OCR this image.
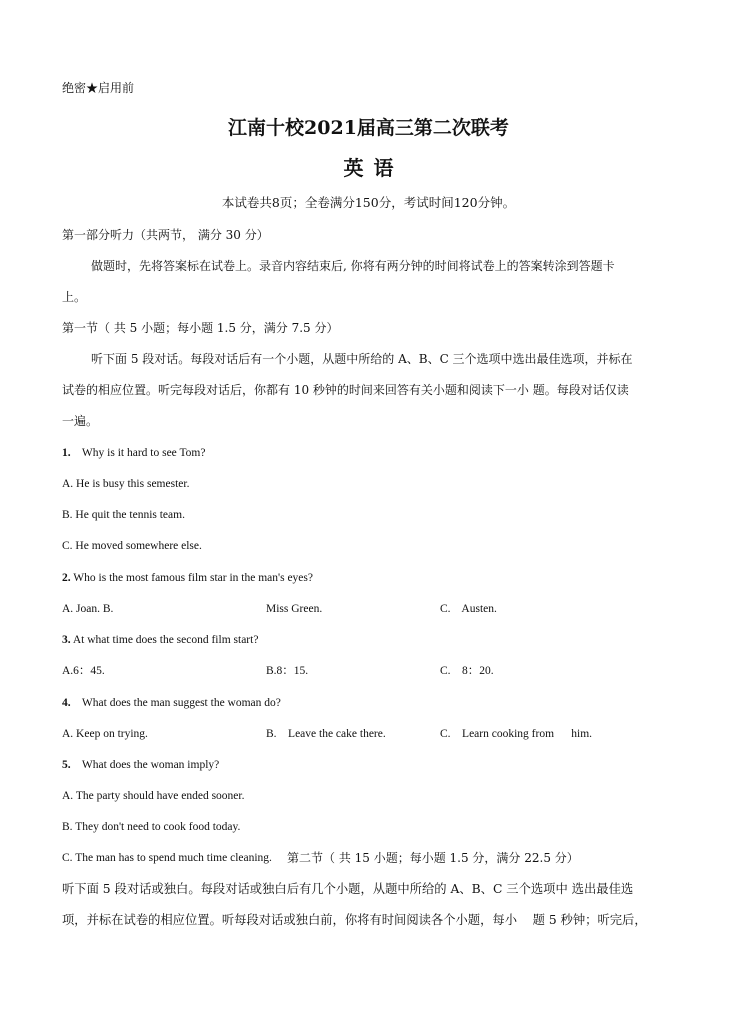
绝密★启用前
江南十校2021届高三第二次联考
英语
本试卷共8页；全卷满分150分，考试时间120分钟。
第一部分听力（共两节， 满分 30 分）
做题时，先将答案标在试卷上。录音内容结束后, 你将有两分钟的时间将试卷上的答案转涂到答题卡
上。
第一节（ 共 5 小题；每小题 1.5 分，满分 7.5 分）
听下面 5 段对话。每段对话后有一个小题，从题中所给的 A、B、C 三个选项中选出最佳选项，并标在
试卷的相应位置。听完每段对话后，你都有 10 秒钟的时间来回答有关小题和阅读下一小 题。每段对话仅读
一遍。
1. Why is it hard to see Tom?
A. He is busy this semester.
B. He quit the tennis team.
C. He moved somewhere else.
2. Who is the most famous film star in the man's eyes?
A. Joan. B.	Miss Green.	C.    Austen.
3. At what time does the second film start?
A.6：45.	B.8：15.	C.    8：20.
4. What does the man suggest the woman do?
A. Keep on trying.	B.    Leave the cake there.	C.    Learn cooking from      him.
5. What does the woman imply?
A. The party should have ended sooner.
B. They don't need to cook food today.
C. The man has to spend much time cleaning. 第二节（ 共 15 小题；每小题 1.5 分，满分 22.5 分）
听下面 5 段对话或独白。每段对话或独白后有几个小题，从题中所给的 A、B、C 三个选项中 选出最佳选
项，并标在试卷的相应位置。听每段对话或独白前，你将有时间阅读各个小题，每小    题 5 秒钟；听完后，
